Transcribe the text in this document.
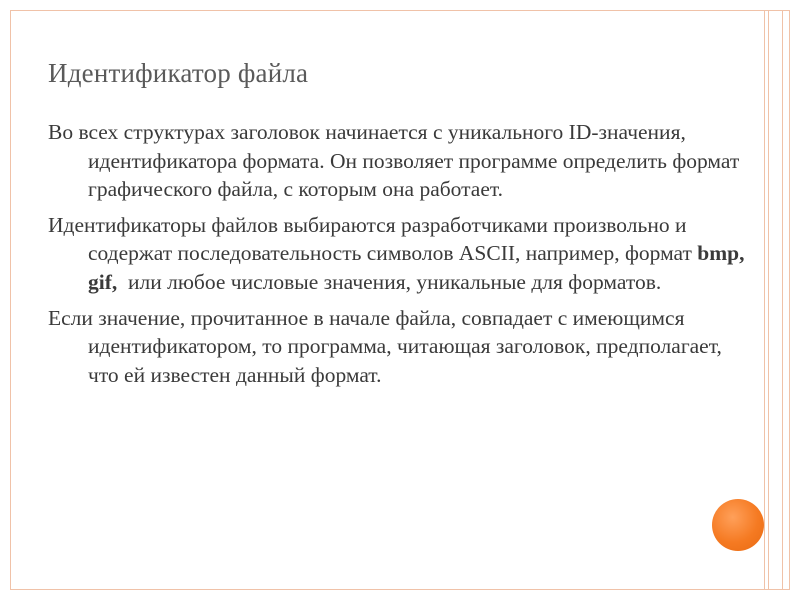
Идентификатор файла

Во всех структурах заголовок начинается с уникального ID-значения, идентификатора формата. Он позволяет программе определить формат графического файла, с которым она работает.

Идентификаторы файлов выбираются разработчиками произвольно и содержат последовательность символов ASCII, например, формат bmp, gif,  или любое числовые значения, уникальные для форматов.

Если значение, прочитанное в начале файла, совпадает с имеющимся идентификатором, то программа, читающая заголовок, предполагает, что ей известен данный формат.
